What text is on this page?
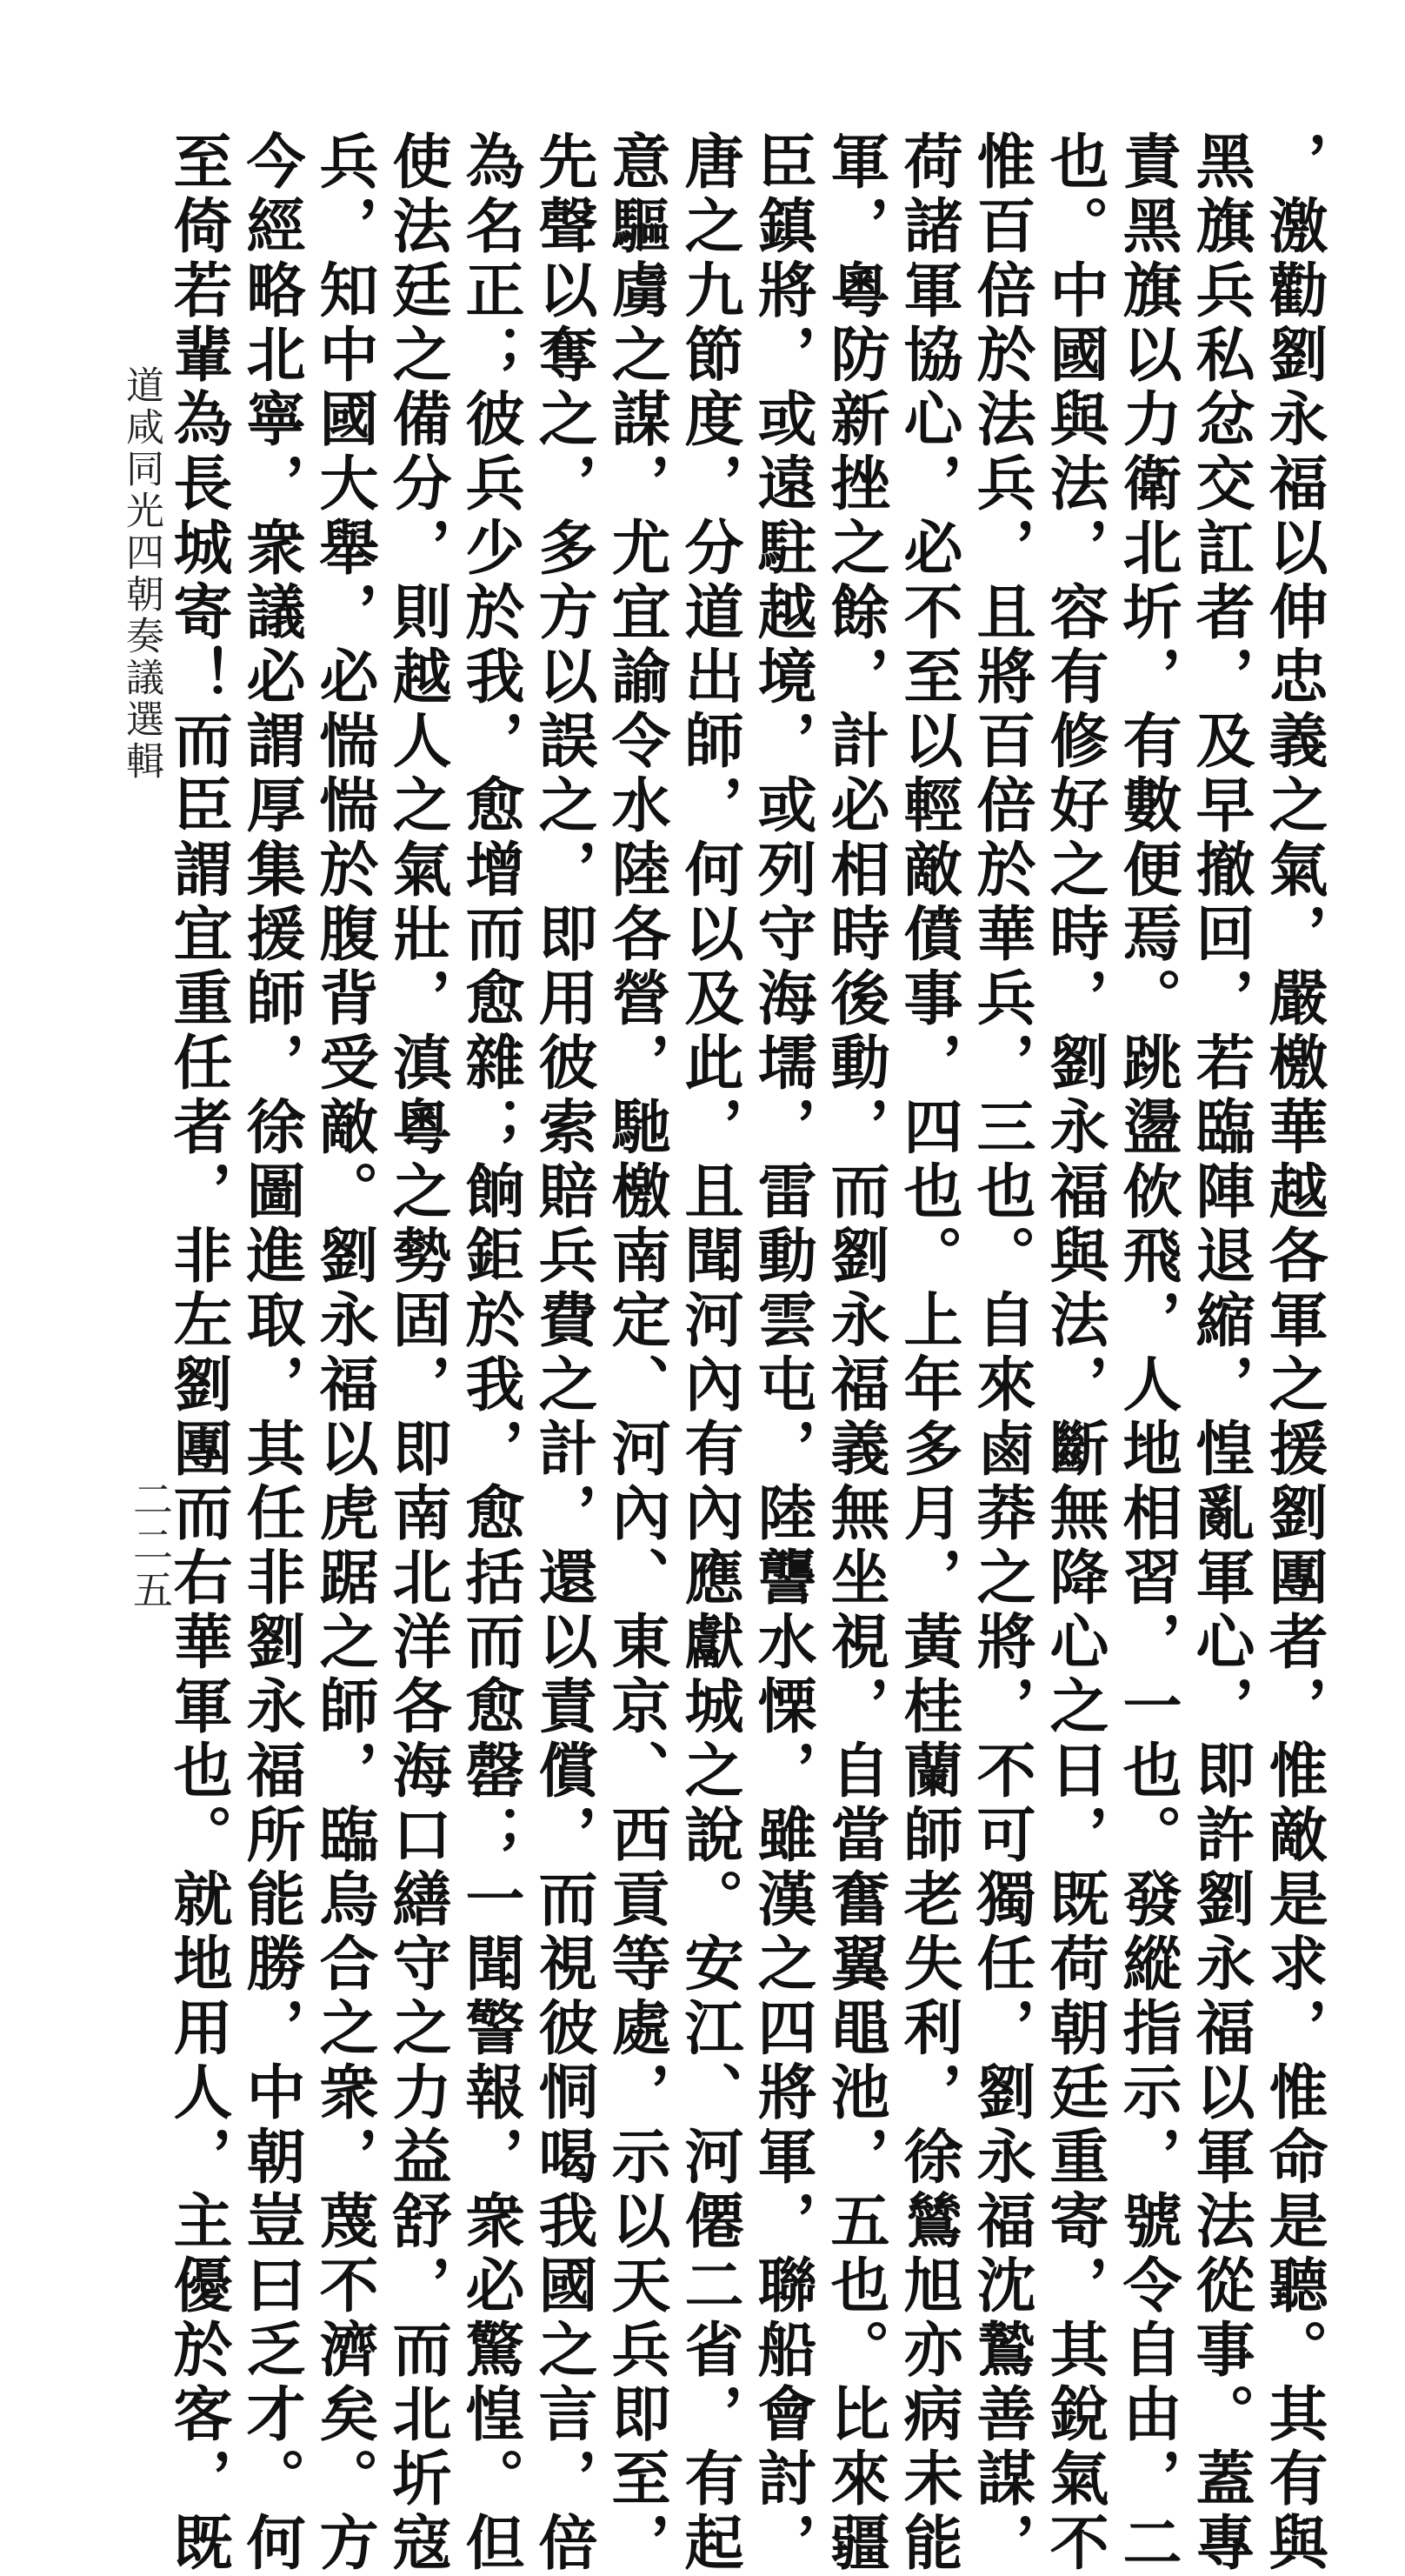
，激勸劉永福以伸忠義之氣，嚴檄華越各軍之援劉團者，惟敵是求，惟命是聽。其有與
黑旗兵私忿交訌者，及早撤回，若臨陣退縮，惶亂軍心，即許劉永福以軍法從事。蓋專
責黑旗以力衛北圻，有數便焉。跳盪佽飛，人地相習，一也。發縱指示，號令自由，二
也。中國與法，容有修好之時，劉永福與法，斷無降心之日，既荷朝廷重寄，其銳氣不
惟百倍於法兵，且將百倍於華兵，三也。自來鹵莽之將，不可獨任，劉永福沈鷙善謀，
荷諸軍協心，必不至以輕敵僨事，四也。上年多月，黃桂蘭師老失利，徐鷥旭亦病未能
軍，粵防新挫之餘，計必相時後動，而劉永福義無坐視，自當奮翼黽池，五也。比來疆
臣鎮將，或遠駐越境，或列守海壖，雷動雲屯，陸讋水慄，雖漢之四將軍，聯船會討，
唐之九節度，分道出師，何以及此，且聞河內有內應獻城之說。安江、河僊二省，有起
意驅虜之謀，尤宜諭令水陸各營，馳檄南定、河內、東京、西貢等處，示以天兵即至，
先聲以奪之，多方以誤之，即用彼索賠兵費之計，還以責償，而視彼恫喝我國之言，倍
為名正；彼兵少於我，愈增而愈雜；餉鉅於我，愈括而愈罄；一聞警報，衆必驚惶。但
使法廷之備分，則越人之氣壯，滇粵之勢固，即南北洋各海口繕守之力益舒，而北圻寇
兵，知中國大舉，必惴惴於腹背受敵。劉永福以虎踞之師，臨烏合之衆，蔑不濟矣。方
今經略北寧，衆議必謂厚集援師，徐圖進取，其任非劉永福所能勝，中朝豈曰乏才。何
至倚若輩為長城寄！而臣謂宜重任者，非左劉團而右華軍也。就地用人，主優於客，既
道咸同光四朝奏議選輯
二二五
